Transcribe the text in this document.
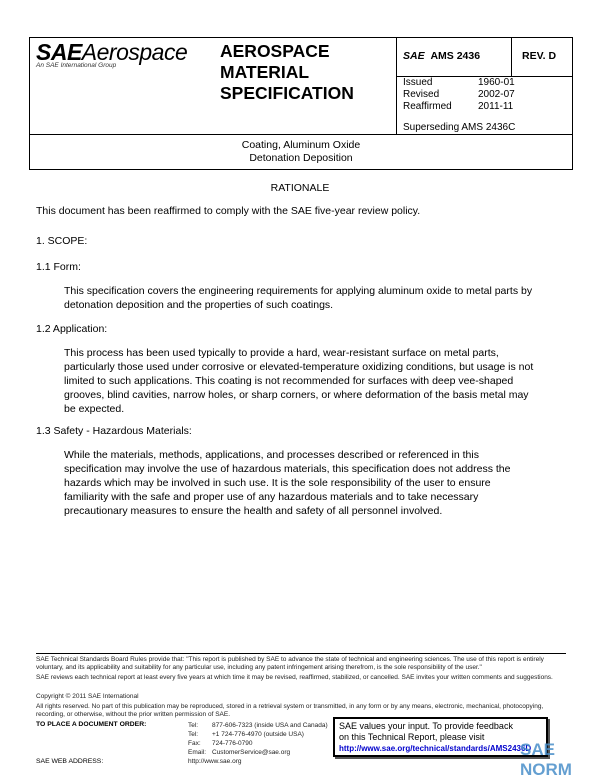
SAEAerospace
An SAE International Group
AEROSPACE
MATERIAL
SPECIFICATION
SAE AMS 2436	REV. D
Issued	1960-01
Revised	2002-07
Reaffirmed	2011-11
Superseding AMS 2436C
Coating, Aluminum Oxide
Detonation Deposition
RATIONALE
This document has been reaffirmed to comply with the SAE five-year review policy.
1. SCOPE:
1.1 Form:
This specification covers the engineering requirements for applying aluminum oxide to metal parts by detonation deposition and the properties of such coatings.
1.2 Application:
This process has been used typically to provide a hard, wear-resistant surface on metal parts, particularly those used under corrosive or elevated-temperature oxidizing conditions, but usage is not limited to such applications. This coating is not recommended for surfaces with deep vee-shaped grooves, blind cavities, narrow holes, or sharp corners, or where deformation of the basis metal may be expected.
1.3 Safety - Hazardous Materials:
While the materials, methods, applications, and processes described or referenced in this specification may involve the use of hazardous materials, this specification does not address the hazards which may be involved in such use. It is the sole responsibility of the user to ensure familiarity with the safe and proper use of any hazardous materials and to take necessary precautionary measures to ensure the health and safety of all personnel involved.
SAE Technical Standards Board Rules provide that: "This report is published by SAE to advance the state of technical and engineering sciences. The use of this report is entirely voluntary, and its applicability and suitability for any particular use, including any patent infringement arising therefrom, is the sole responsibility of the user."
SAE reviews each technical report at least every five years at which time it may be revised, reaffirmed, stabilized, or cancelled. SAE invites your written comments and suggestions.
Copyright © 2011 SAE International
All rights reserved. No part of this publication may be reproduced, stored in a retrieval system or transmitted, in any form or by any means, electronic, mechanical, photocopying, recording, or otherwise, without the prior written permission of SAE.
TO PLACE A DOCUMENT ORDER:	Tel: 877-606-7323 (inside USA and Canada)
Tel: +1 724-776-4970 (outside USA)
Fax: 724-776-0790
Email: CustomerService@sae.org
SAE WEB ADDRESS:	http://www.sae.org
SAE values your input. To provide feedback
on this Technical Report, please visit
http://www.sae.org/technical/standards/AMS2436D
SAE NORM
